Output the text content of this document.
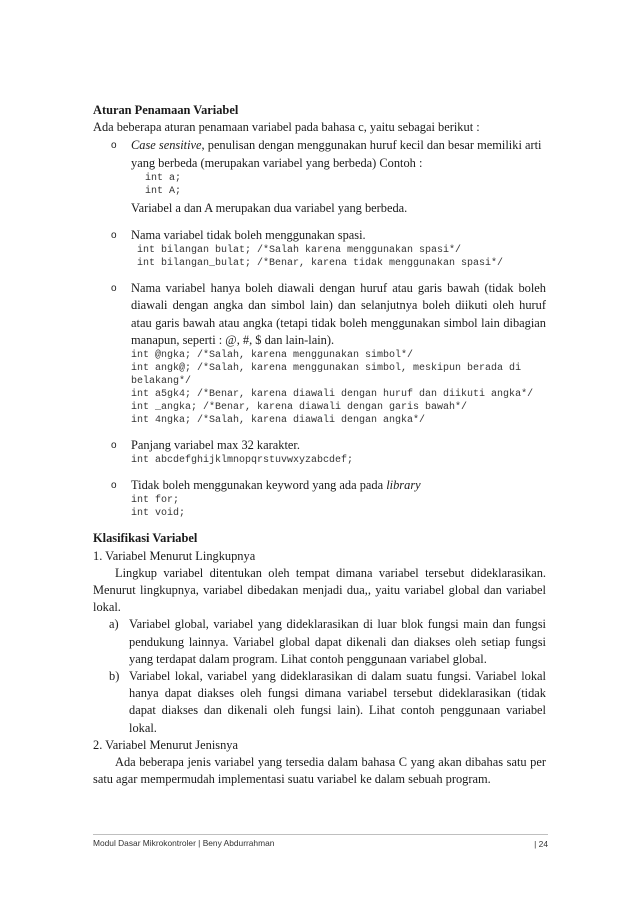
Aturan Penamaan Variabel
Ada beberapa aturan penamaan variabel pada bahasa c, yaitu sebagai berikut :
o Case sensitive, penulisan dengan menggunakan huruf kecil dan besar memiliki arti yang berbeda (merupakan variabel yang berbeda) Contoh :
int a;
int A;
Variabel a dan A merupakan dua variabel yang berbeda.
o Nama variabel tidak boleh menggunakan spasi.
int bilangan bulat; /*Salah karena menggunakan spasi*/
int bilangan_bulat; /*Benar, karena tidak menggunakan spasi*/
o Nama variabel hanya boleh diawali dengan huruf atau garis bawah (tidak boleh diawali dengan angka dan simbol lain) dan selanjutnya boleh diikuti oleh huruf atau garis bawah atau angka (tetapi tidak boleh menggunakan simbol lain dibagian manapun, seperti : @, #, $ dan lain-lain).
int @ngka; /*Salah, karena menggunakan simbol*/
int angk@; /*Salah, karena menggunakan simbol, meskipun berada di
belakang*/
int a5gk4; /*Benar, karena diawali dengan huruf dan diikuti angka*/
int _angka; /*Benar, karena diawali dengan garis bawah*/
int 4ngka; /*Salah, karena diawali dengan angka*/
o Panjang variabel max 32 karakter.
int abcdefghijklmnopqrstuvwxyzabcdef;
o Tidak boleh menggunakan keyword yang ada pada library
int for;
int void;
Klasifikasi Variabel
1. Variabel Menurut Lingkupnya
Lingkup variabel ditentukan oleh tempat dimana variabel tersebut dideklarasikan. Menurut lingkupnya, variabel dibedakan menjadi dua,, yaitu variabel global dan variabel lokal.
a) Variabel global, variabel yang dideklarasikan di luar blok fungsi main dan fungsi pendukung lainnya. Variabel global dapat dikenali dan diakses oleh setiap fungsi yang terdapat dalam program. Lihat contoh penggunaan variabel global.
b) Variabel lokal, variabel yang dideklarasikan di dalam suatu fungsi. Variabel lokal hanya dapat diakses oleh fungsi dimana variabel tersebut dideklarasikan (tidak dapat diakses dan dikenali oleh fungsi lain). Lihat contoh penggunaan variabel lokal.
2. Variabel Menurut Jenisnya
Ada beberapa jenis variabel yang tersedia dalam bahasa C yang akan dibahas satu per satu agar mempermudah implementasi suatu variabel ke dalam sebuah program.
Modul Dasar Mikrokontroler | Beny Abdurrahman	| 24
